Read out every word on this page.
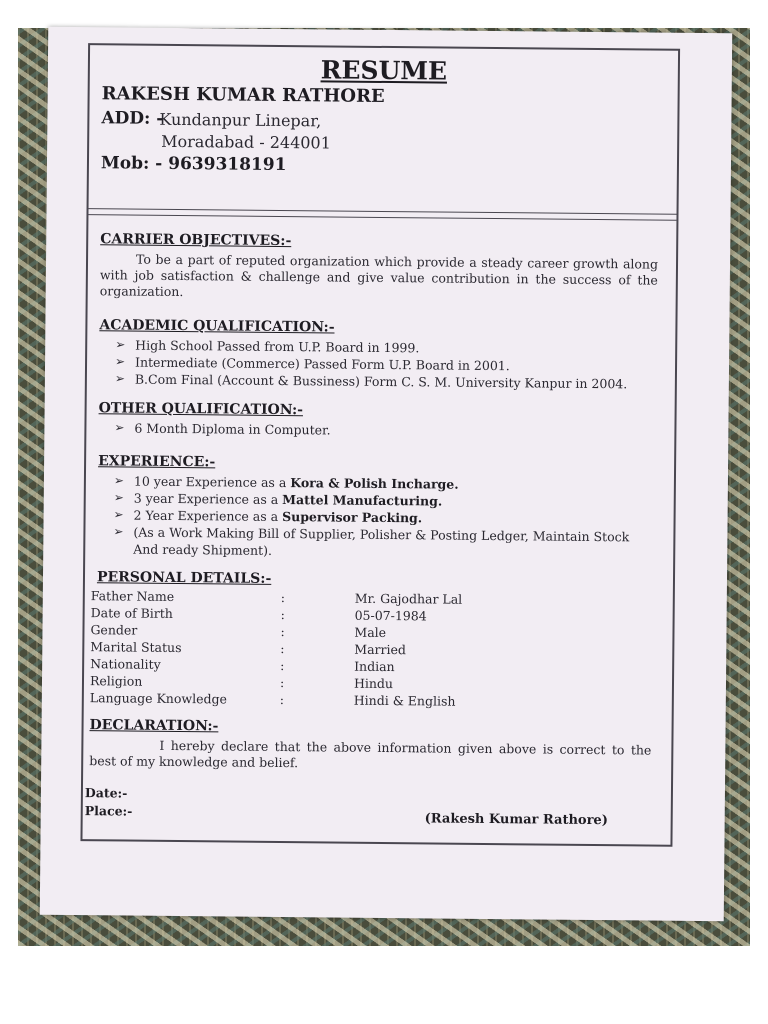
RESUME
RAKESH KUMAR RATHORE
ADD: -
Kundanpur Linepar,
Moradabad - 244001
Mob: - 9639318191
CARRIER OBJECTIVES:-
To be a part of reputed organization which provide a steady career growth along with job satisfaction & challenge and give value contribution in the success of the organization.
ACADEMIC QUALIFICATION:-
➢ High School Passed from U.P. Board in 1999.
➢ Intermediate (Commerce) Passed Form U.P. Board in 2001.
➢ B.Com Final (Account & Bussiness) Form C. S. M. University Kanpur in 2004.
OTHER QUALIFICATION:-
➢ 6 Month Diploma in Computer.
EXPERIENCE:-
➢ 10 year Experience as a Kora & Polish Incharge.
➢ 3 year Experience as a Mattel Manufacturing.
➢ 2 Year Experience as a Supervisor Packing.
➢ (As a Work Making Bill of Supplier, Polisher & Posting Ledger, Maintain Stock And ready Shipment).
PERSONAL DETAILS:-
Father Name	:	Mr. Gajodhar Lal
Date of Birth	:	05-07-1984
Gender	:	Male
Marital Status	:	Married
Nationality	:	Indian
Religion	:	Hindu
Language Knowledge	:	Hindi & English
DECLARATION:-
I hereby declare that the above information given above is correct to the best of my knowledge and belief.
Date:-
Place:-
(Rakesh Kumar Rathore)
